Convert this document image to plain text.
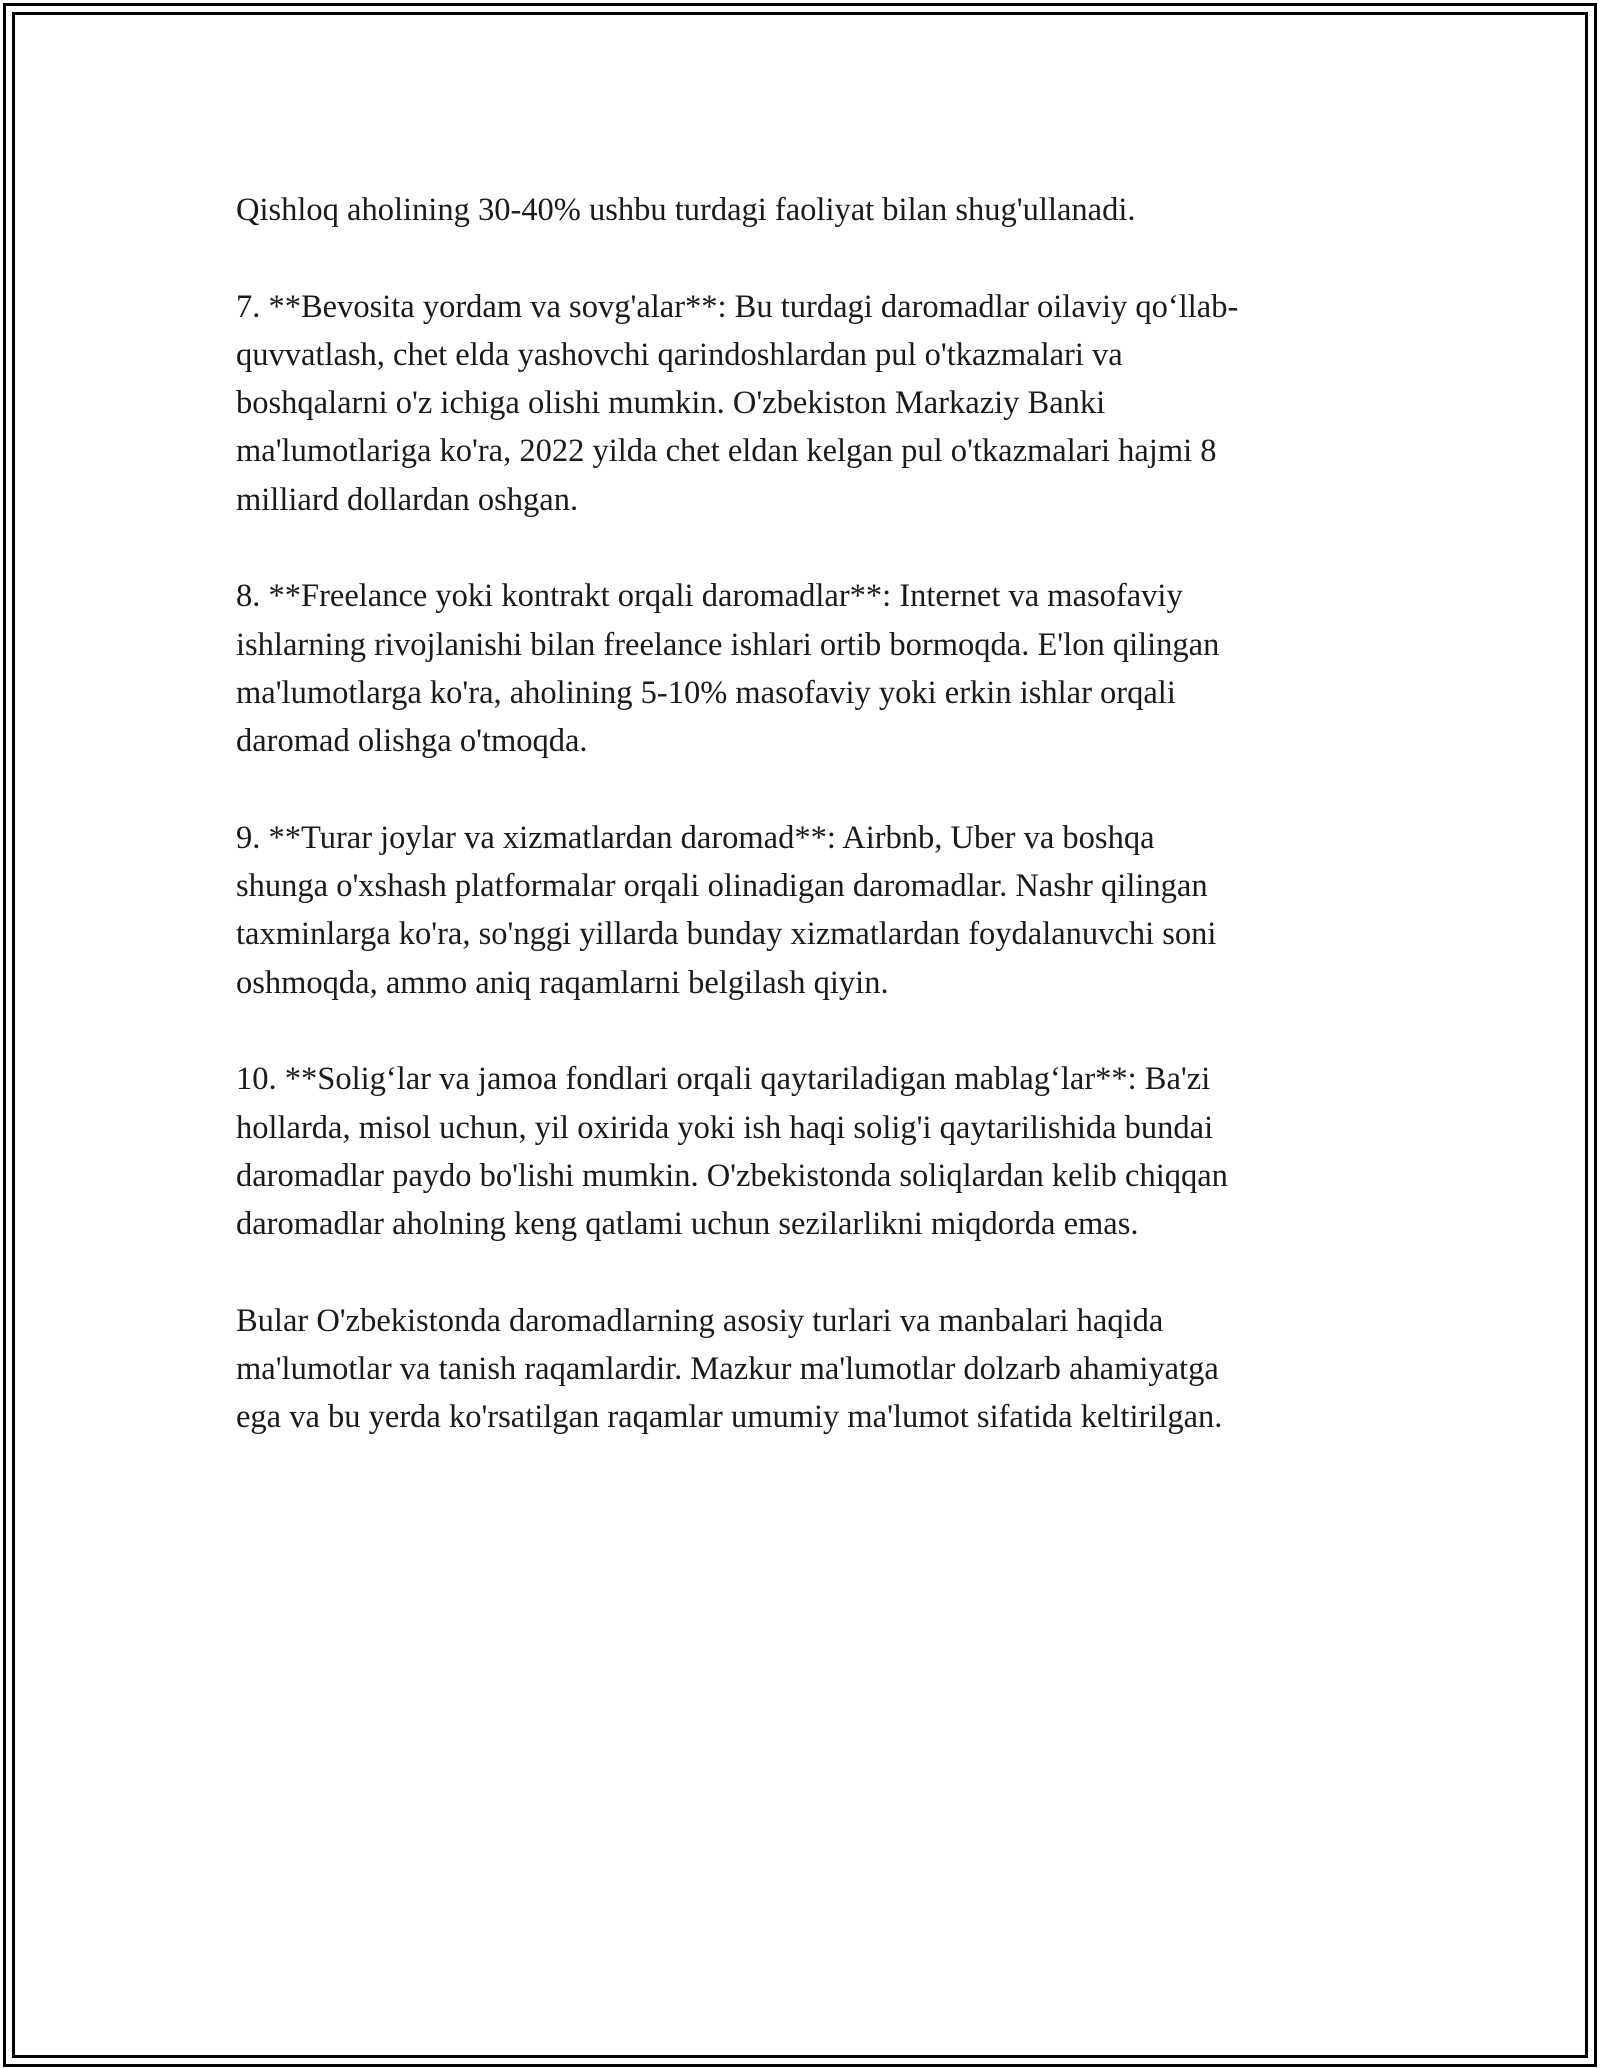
Qishloq aholining 30-40% ushbu turdagi faoliyat bilan shug'ullanadi.

7. **Bevosita yordam va sovg'alar**: Bu turdagi daromadlar oilaviy qo‘llab-
quvvatlash, chet elda yashovchi qarindoshlardan pul o'tkazmalari va
boshqalarni o'z ichiga olishi mumkin. O'zbekiston Markaziy Banki
ma'lumotlariga ko'ra, 2022 yilda chet eldan kelgan pul o'tkazmalari hajmi 8
milliard dollardan oshgan.

8. **Freelance yoki kontrakt orqali daromadlar**: Internet va masofaviy
ishlarning rivojlanishi bilan freelance ishlari ortib bormoqda. E'lon qilingan
ma'lumotlarga ko'ra, aholining 5-10% masofaviy yoki erkin ishlar orqali
daromad olishga o'tmoqda.

9. **Turar joylar va xizmatlardan daromad**: Airbnb, Uber va boshqa
shunga o'xshash platformalar orqali olinadigan daromadlar. Nashr qilingan
taxminlarga ko'ra, so'nggi yillarda bunday xizmatlardan foydalanuvchi soni
oshmoqda, ammo aniq raqamlarni belgilash qiyin.

10. **Solig‘lar va jamoa fondlari orqali qaytariladigan mablag‘lar**: Ba'zi
hollarda, misol uchun, yil oxirida yoki ish haqi solig'i qaytarilishida bundai
daromadlar paydo bo'lishi mumkin. O'zbekistonda soliqlardan kelib chiqqan
daromadlar aholning keng qatlami uchun sezilarlikni miqdorda emas.

Bular O'zbekistonda daromadlarning asosiy turlari va manbalari haqida
ma'lumotlar va tanish raqamlardir. Mazkur ma'lumotlar dolzarb ahamiyatga
ega va bu yerda ko'rsatilgan raqamlar umumiy ma'lumot sifatida keltirilgan.
